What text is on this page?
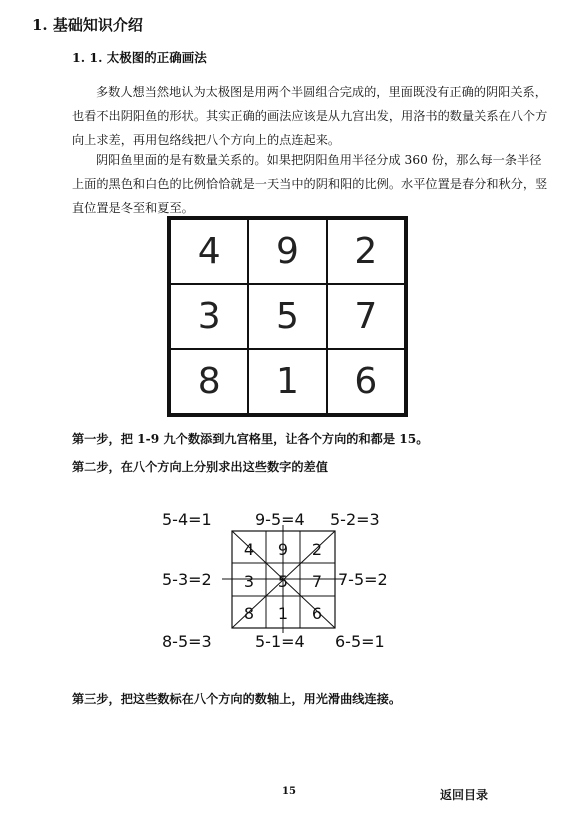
1. 基础知识介绍
1. 1. 太极图的正确画法

多数人想当然地认为太极图是用两个半圆组合完成的，里面既没有正确的阴阳关系，也看不出阴阳鱼的形状。其实正确的画法应该是从九宫出发，用洛书的数量关系在八个方向上求差，再用包络线把八个方向上的点连起来。

阴阳鱼里面的是有数量关系的。如果把阴阳鱼用半径分成 360 份，那么每一条半径上面的黑色和白色的比例恰恰就是一天当中的阴和阳的比例。水平位置是春分和秋分，竖直位置是冬至和夏至。

4	9	2
3	5	7
8	1	6
第一步，把 1-9 九个数添到九宫格里，让各个方向的和都是 15。
第二步，在八个方向上分别求出这些数字的差值
4 9 2
3 5 7
8 1 6
5-4=1	9-5=4 5-2=3
5-3=2	7-5=2
8-5=3	5-1=4 6-5=1
第三步，把这些数标在八个方向的数轴上，用光滑曲线连接。
15	返回目录
